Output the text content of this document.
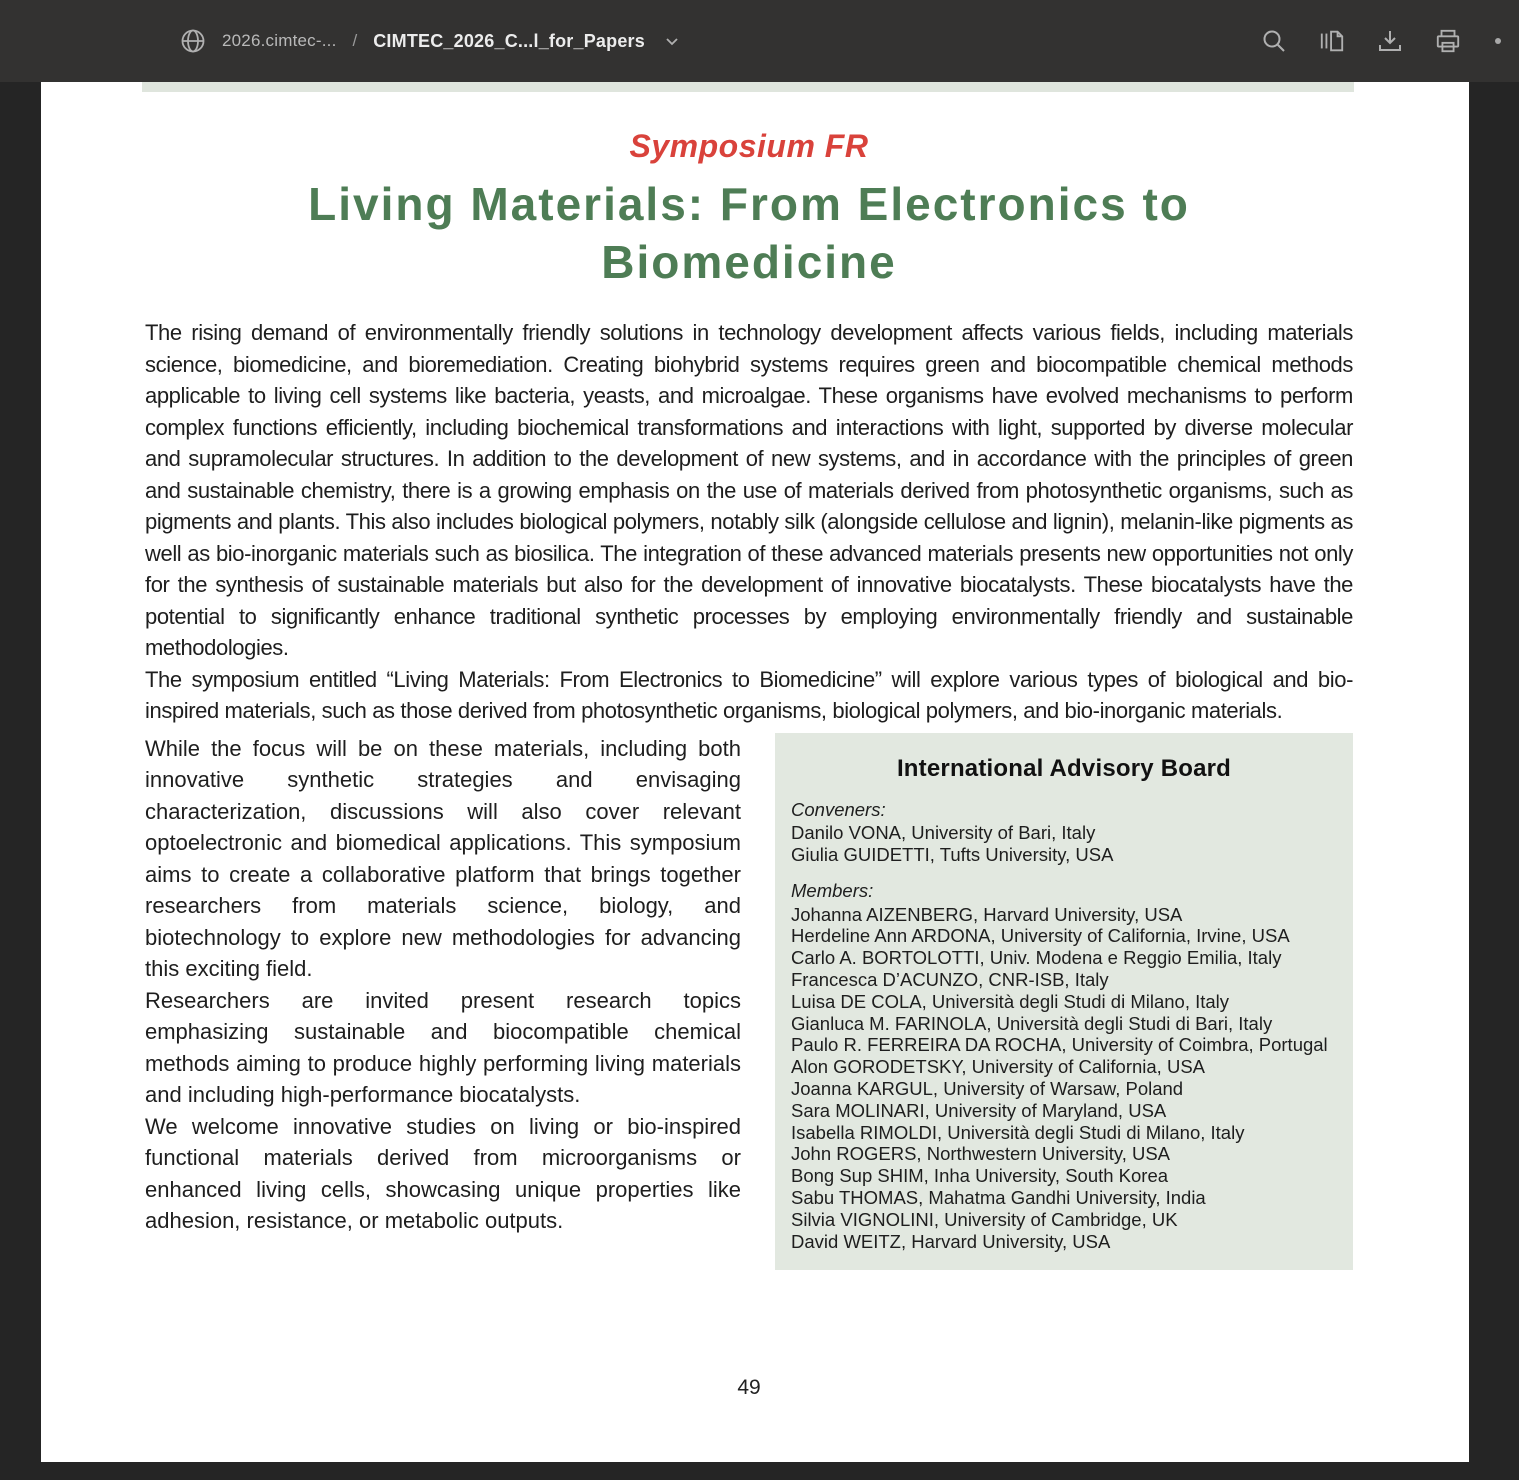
2026.cimtec-... / CIMTEC_2026_C...l_for_Papers
Symposium FR
Living Materials: From Electronics to Biomedicine

The rising demand of environmentally friendly solutions in technology development affects various fields, including materials science, biomedicine, and bioremediation. Creating biohybrid systems requires green and biocompatible chemical methods applicable to living cell systems like bacteria, yeasts, and microalgae. These organisms have evolved mechanisms to perform complex functions efficiently, including biochemical transformations and interactions with light, supported by diverse molecular and supramolecular structures. In addition to the development of new systems, and in accordance with the principles of green and sustainable chemistry, there is a growing emphasis on the use of materials derived from photosynthetic organisms, such as pigments and plants. This also includes biological polymers, notably silk (alongside cellulose and lignin), melanin-like pigments as well as bio-inorganic materials such as biosilica. The integration of these advanced materials presents new opportunities not only for the synthesis of sustainable materials but also for the development of innovative biocatalysts. These biocatalysts have the potential to significantly enhance traditional synthetic processes by employing environmentally friendly and sustainable methodologies.

The symposium entitled “Living Materials: From Electronics to Biomedicine” will explore various types of biological and bio-inspired materials, such as those derived from photosynthetic organisms, biological polymers, and bio-inorganic materials.

While the focus will be on these materials, including both innovative synthetic strategies and envisaging characterization, discussions will also cover relevant optoelectronic and biomedical applications. This symposium aims to create a collaborative platform that brings together researchers from materials science, biology, and biotechnology to explore new methodologies for advancing this exciting field.

Researchers are invited present research topics emphasizing sustainable and biocompatible chemical methods aiming to produce highly performing living materials and including high-performance biocatalysts.

We welcome innovative studies on living or bio-inspired functional materials derived from microorganisms or enhanced living cells, showcasing unique properties like adhesion, resistance, or metabolic outputs.

International Advisory Board
Conveners:
Danilo VONA, University of Bari, Italy
Giulia GUIDETTI, Tufts University, USA
Members:
Johanna AIZENBERG, Harvard University, USA
Herdeline Ann ARDONA, University of California, Irvine, USA
Carlo A. BORTOLOTTI, Univ. Modena e Reggio Emilia, Italy
Francesca D’ACUNZO, CNR-ISB, Italy
Luisa DE COLA, Università degli Studi di Milano, Italy
Gianluca M. FARINOLA, Università degli Studi di Bari, Italy
Paulo R. FERREIRA DA ROCHA, University of Coimbra, Portugal
Alon GORODETSKY, University of California, USA
Joanna KARGUL, University of Warsaw, Poland
Sara MOLINARI, University of Maryland, USA
Isabella RIMOLDI, Università degli Studi di Milano, Italy
John ROGERS, Northwestern University, USA
Bong Sup SHIM, Inha University, South Korea
Sabu THOMAS, Mahatma Gandhi University, India
Silvia VIGNOLINI, University of Cambridge, UK
David WEITZ, Harvard University, USA
49
